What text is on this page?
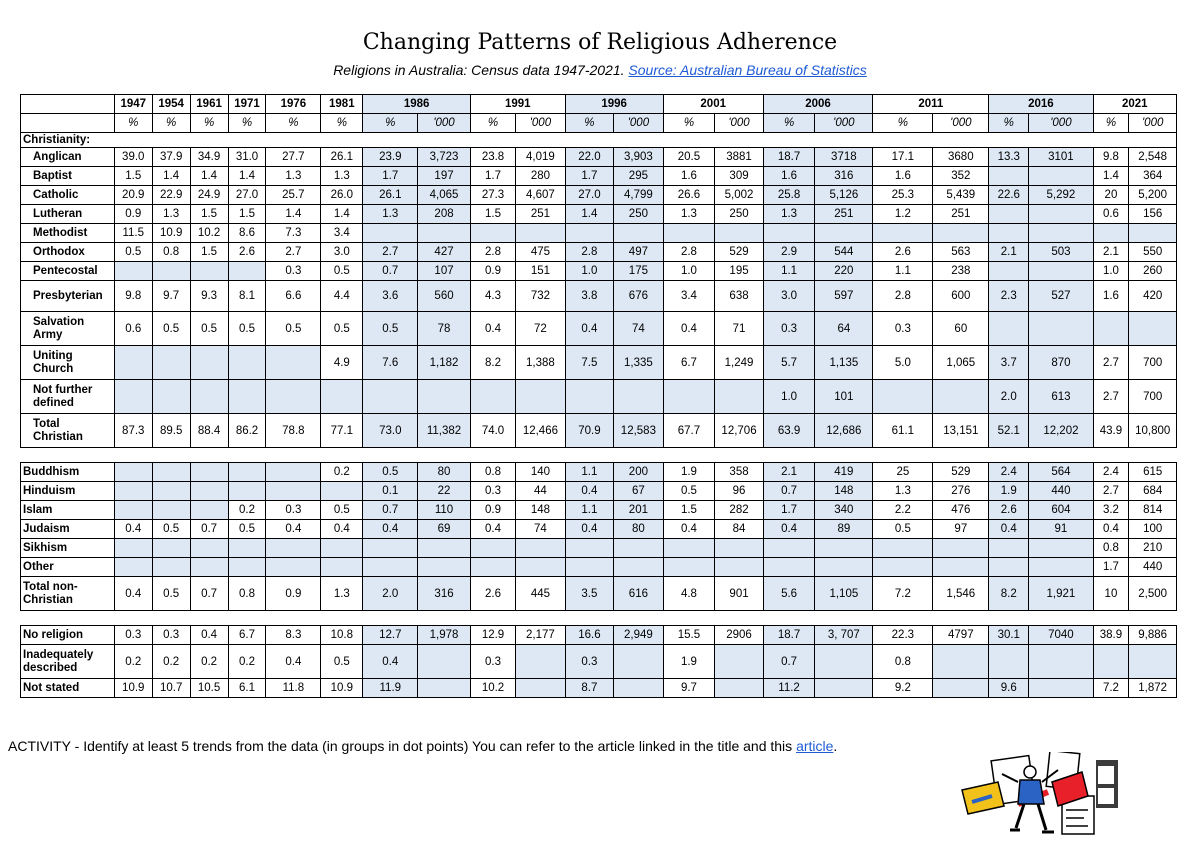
Changing Patterns of Religious Adherence
Religions in Australia: Census data 1947-2021. Source: Australian Bureau of Statistics
	1947	1954	1961	1971	1976	1981	1986		1991		1996		2001		2006		2011		2016		2021	
	%	%	%	%	%	%	%	'000	%	'000	%	'000	%	'000	%	'000	%	'000	%	'000	%	'000
Christianity:																						
Anglican	39.0	37.9	34.9	31.0	27.7	26.1	23.9	3,723	23.8	4,019	22.0	3,903	20.5	3881	18.7	3718	17.1	3680	13.3	3101	9.8	2,548
Baptist	1.5	1.4	1.4	1.4	1.3	1.3	1.7	197	1.7	280	1.7	295	1.6	309	1.6	316	1.6	352			1.4	364
Catholic	20.9	22.9	24.9	27.0	25.7	26.0	26.1	4,065	27.3	4,607	27.0	4,799	26.6	5,002	25.8	5,126	25.3	5,439	22.6	5,292	20	5,200
Lutheran	0.9	1.3	1.5	1.5	1.4	1.4	1.3	208	1.5	251	1.4	250	1.3	250	1.3	251	1.2	251			0.6	156
Methodist	11.5	10.9	10.2	8.6	7.3	3.4																
Orthodox	0.5	0.8	1.5	2.6	2.7	3.0	2.7	427	2.8	475	2.8	497	2.8	529	2.9	544	2.6	563	2.1	503	2.1	550
Pentecostal					0.3	0.5	0.7	107	0.9	151	1.0	175	1.0	195	1.1	220	1.1	238			1.0	260
Presbyterian	9.8	9.7	9.3	8.1	6.6	4.4	3.6	560	4.3	732	3.8	676	3.4	638	3.0	597	2.8	600	2.3	527	1.6	420
Salvation Army	0.6	0.5	0.5	0.5	0.5	0.5	0.5	78	0.4	72	0.4	74	0.4	71	0.3	64	0.3	60				
Uniting Church						4.9	7.6	1,182	8.2	1,388	7.5	1,335	6.7	1,249	5.7	1,135	5.0	1,065	3.7	870	2.7	700
Not further defined															1.0	101			2.0	613	2.7	700
Total Christian	87.3	89.5	88.4	86.2	78.8	77.1	73.0	11,382	74.0	12,466	70.9	12,583	67.7	12,706	63.9	12,686	61.1	13,151	52.1	12,202	43.9	10,800

Buddhism						0.2	0.5	80	0.8	140	1.1	200	1.9	358	2.1	419	25	529	2.4	564	2.4	615
Hinduism							0.1	22	0.3	44	0.4	67	0.5	96	0.7	148	1.3	276	1.9	440	2.7	684
Islam				0.2	0.3	0.5	0.7	110	0.9	148	1.1	201	1.5	282	1.7	340	2.2	476	2.6	604	3.2	814
Judaism	0.4	0.5	0.7	0.5	0.4	0.4	0.4	69	0.4	74	0.4	80	0.4	84	0.4	89	0.5	97	0.4	91	0.4	100
Sikhism																					0.8	210
Other																					1.7	440
Total non-Christian	0.4	0.5	0.7	0.8	0.9	1.3	2.0	316	2.6	445	3.5	616	4.8	901	5.6	1,105	7.2	1,546	8.2	1,921	10	2,500

No religion	0.3	0.3	0.4	6.7	8.3	10.8	12.7	1,978	12.9	2,177	16.6	2,949	15.5	2906	18.7	3, 707	22.3	4797	30.1	7040	38.9	9,886
Inadequately described	0.2	0.2	0.2	0.2	0.4	0.5	0.4		0.3		0.3		1.9		0.7		0.8					
Not stated	10.9	10.7	10.5	6.1	11.8	10.9	11.9		10.2		8.7		9.7		11.2		9.2		9.6		7.2	1,872
ACTIVITY - Identify at least 5 trends from the data (in groups in dot points) You can refer to the article linked in the title and this article.
